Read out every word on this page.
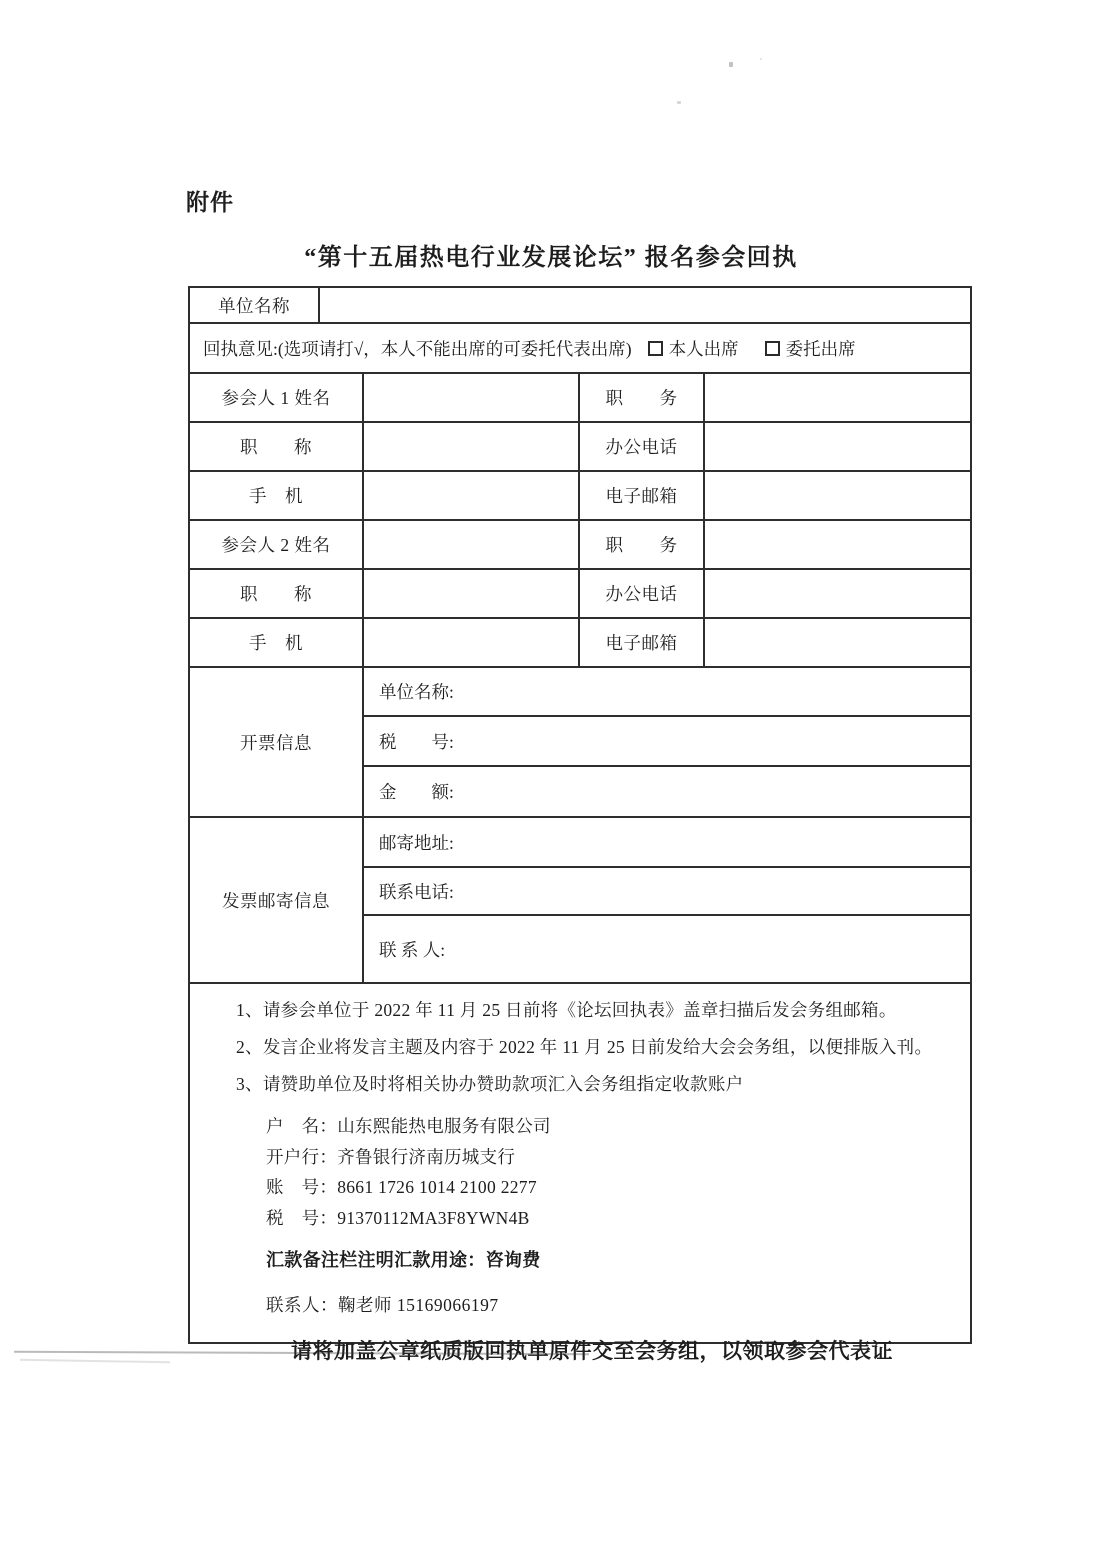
附件
“第十五届热电行业发展论坛” 报名参会回执
单位名称
回执意见:(选项请打√，本人不能出席的可委托代表出席) 本人出席	委托出席
参会人 1 姓名	职　　务
职　　称	办公电话
手　机	电子邮箱
参会人 2 姓名	职　　务
职　　称	办公电话
手　机	电子邮箱
开票信息
单位名称:
税　　号:
金　　额:
发票邮寄信息
邮寄地址:
联系电话:
联 系 人:
1、请参会单位于 2022 年 11 月 25 日前将《论坛回执表》盖章扫描后发会务组邮箱。
2、发言企业将发言主题及内容于 2022 年 11 月 25 日前发给大会会务组，以便排版入刊。
3、请赞助单位及时将相关协办赞助款项汇入会务组指定收款账户
户　名：山东熙能热电服务有限公司
开户行：齐鲁银行济南历城支行
账　号：8661 1726 1014 2100 2277
税　号：91370112MA3F8YWN4B
汇款备注栏注明汇款用途：咨询费
联系人：鞠老师 15169066197
请将加盖公章纸质版回执单原件交至会务组，以领取参会代表证
